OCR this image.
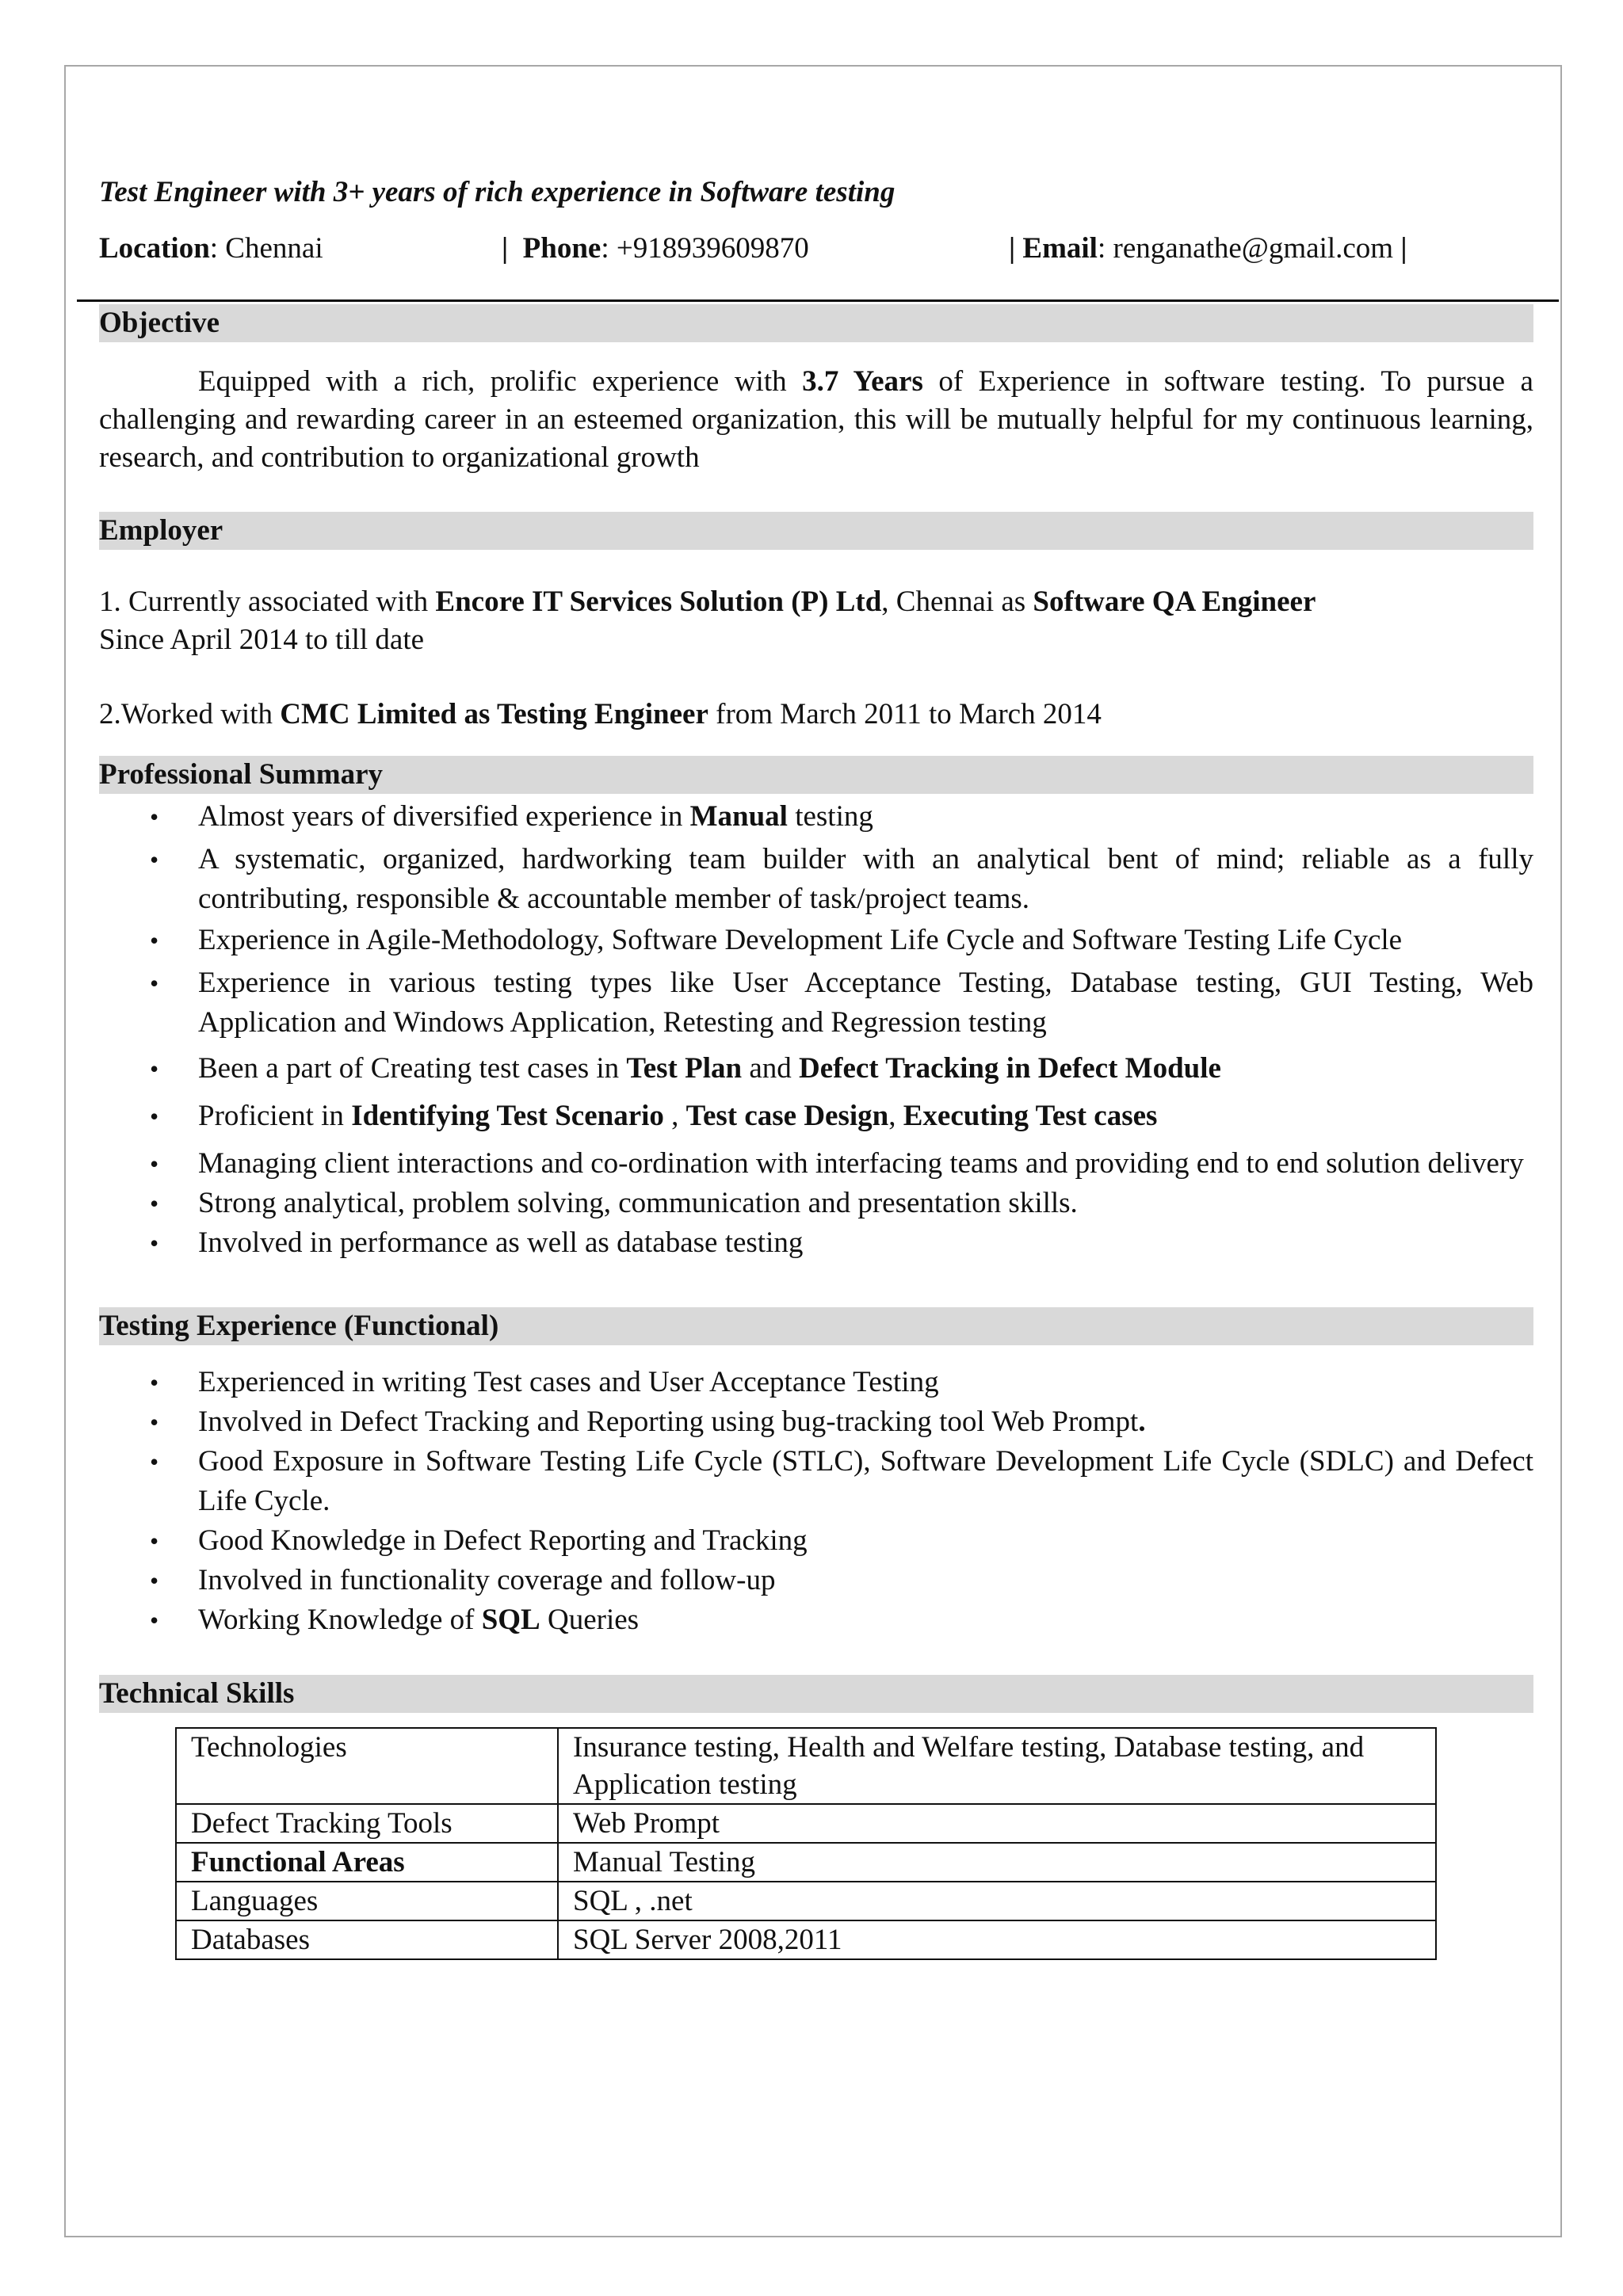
Test Engineer with 3+ years of rich experience in Software testing

Location: Chennai	| Phone: +918939609870	| Email: renganathe@gmail.com |
Objective

Equipped with a rich, prolific experience with 3.7 Years of Experience in software testing. To pursue a challenging and rewarding career in an esteemed organization, this will be mutually helpful for my continuous learning, research, and contribution to organizational growth

Employer

1. Currently associated with Encore IT Services Solution (P) Ltd, Chennai as Software QA Engineer
Since April 2014 to till date

2.Worked with CMC Limited as Testing Engineer from March 2011 to March 2014

Professional Summary
• Almost years of diversified experience in Manual testing
• A systematic, organized, hardworking team builder with an analytical bent of mind; reliable as a fully contributing, responsible & accountable member of task/project teams.
• Experience in Agile-Methodology, Software Development Life Cycle and Software Testing Life Cycle
• Experience in various testing types like User Acceptance Testing, Database testing, GUI Testing, Web Application and Windows Application, Retesting and Regression testing
• Been a part of Creating test cases in Test Plan and Defect Tracking in Defect Module
• Proficient in Identifying Test Scenario , Test case Design, Executing Test cases
• Managing client interactions and co-ordination with interfacing teams and providing end to end solution delivery
• Strong analytical, problem solving, communication and presentation skills.
• Involved in performance as well as database testing
Testing Experience (Functional)
• Experienced in writing Test cases and User Acceptance Testing
• Involved in Defect Tracking and Reporting using bug-tracking tool Web Prompt.
• Good Exposure in Software Testing Life Cycle (STLC), Software Development Life Cycle (SDLC) and Defect Life Cycle.
• Good Knowledge in Defect Reporting and Tracking
• Involved in functionality coverage and follow-up
• Working Knowledge of SQL Queries
Technical Skills
Technologies	Insurance testing, Health and Welfare testing, Database testing, and Application testing
Defect Tracking Tools	Web Prompt
Functional Areas	Manual Testing
Languages	SQL , .net
Databases	SQL Server 2008,2011
